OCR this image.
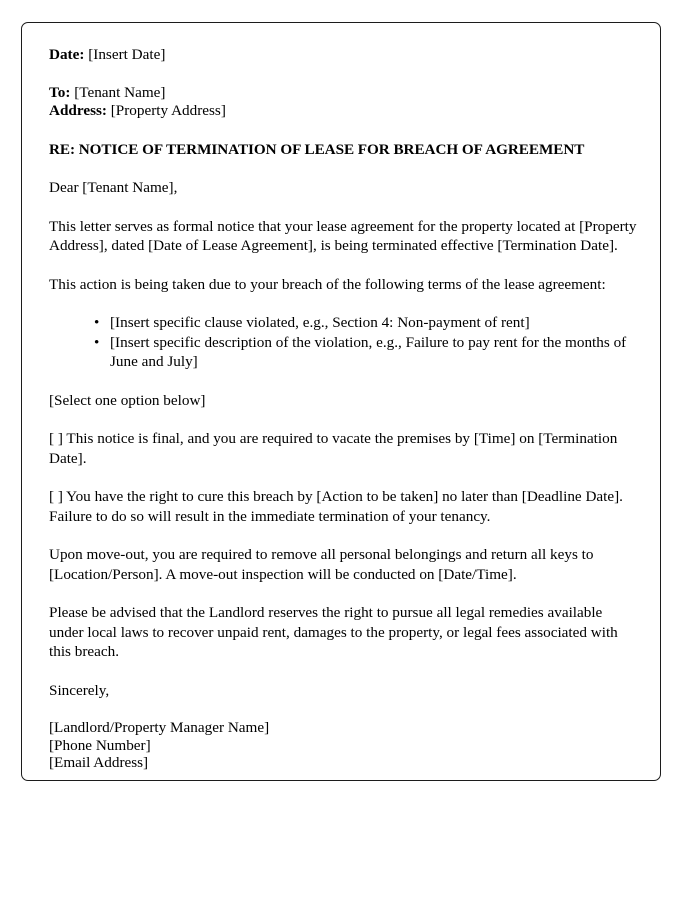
Date: [Insert Date]
To: [Tenant Name]
Address: [Property Address]
RE: NOTICE OF TERMINATION OF LEASE FOR BREACH OF AGREEMENT
Dear [Tenant Name],
This letter serves as formal notice that your lease agreement for the property located at [Property Address], dated [Date of Lease Agreement], is being terminated effective [Termination Date].
This action is being taken due to your breach of the following terms of the lease agreement:
• [Insert specific clause violated, e.g., Section 4: Non-payment of rent]
• [Insert specific description of the violation, e.g., Failure to pay rent for the months of June and July]
[Select one option below]
[ ] This notice is final, and you are required to vacate the premises by [Time] on [Termination Date].
[ ] You have the right to cure this breach by [Action to be taken] no later than [Deadline Date]. Failure to do so will result in the immediate termination of your tenancy.
Upon move-out, you are required to remove all personal belongings and return all keys to [Location/Person]. A move-out inspection will be conducted on [Date/Time].
Please be advised that the Landlord reserves the right to pursue all legal remedies available under local laws to recover unpaid rent, damages to the property, or legal fees associated with this breach.
Sincerely,
[Landlord/Property Manager Name]
[Phone Number]
[Email Address]
